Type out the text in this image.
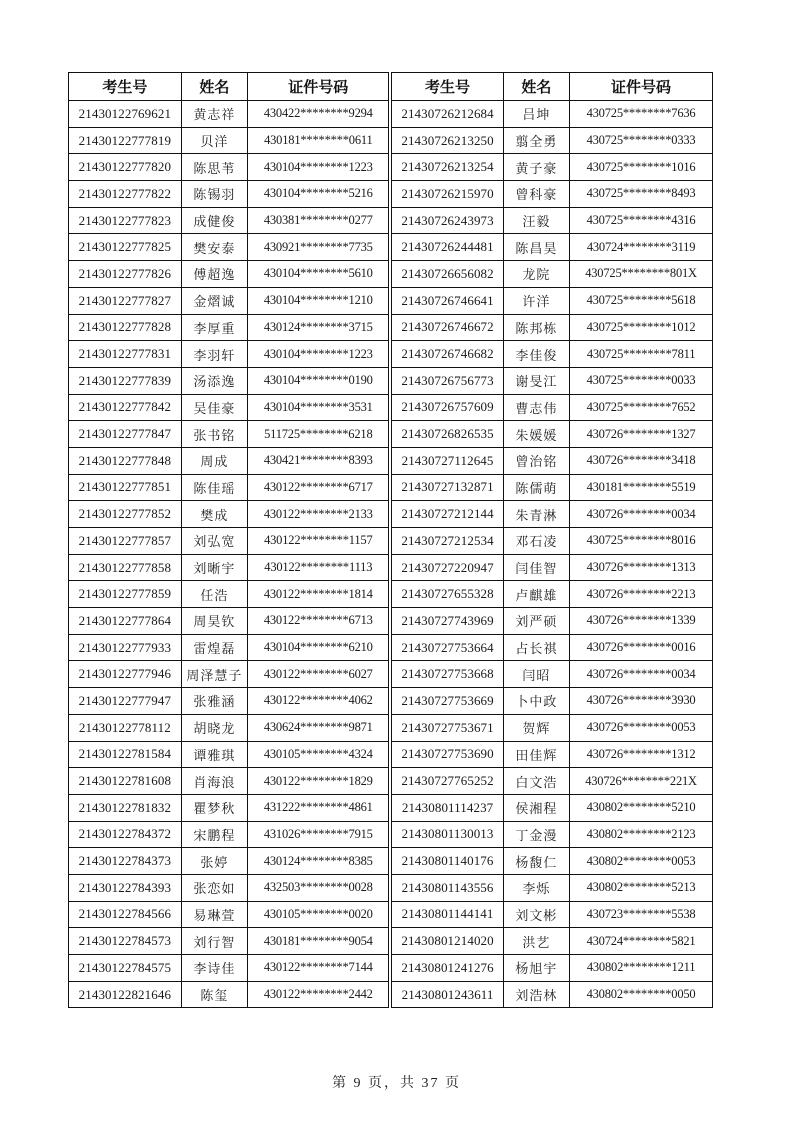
考生号	姓名	证件号码	考生号	姓名	证件号码
21430122769621	黄志祥	430422********9294	21430726212684	吕坤	430725********7636
21430122777819	贝洋	430181********0611	21430726213250	翦全勇	430725********0333
21430122777820	陈思苇	430104********1223	21430726213254	黄子豪	430725********1016
21430122777822	陈锡羽	430104********5216	21430726215970	曾科豪	430725********8493
21430122777823	成健俊	430381********0277	21430726243973	汪毅	430725********4316
21430122777825	樊安泰	430921********7735	21430726244481	陈昌昊	430724********3119
21430122777826	傅超逸	430104********5610	21430726656082	龙院	430725********801X
21430122777827	金熠诚	430104********1210	21430726746641	许洋	430725********5618
21430122777828	李厚重	430124********3715	21430726746672	陈邦栋	430725********1012
21430122777831	李羽轩	430104********1223	21430726746682	李佳俊	430725********7811
21430122777839	汤添逸	430104********0190	21430726756773	谢旻江	430725********0033
21430122777842	吴佳豪	430104********3531	21430726757609	曹志伟	430725********7652
21430122777847	张书铭	511725********6218	21430726826535	朱媛媛	430726********1327
21430122777848	周成	430421********8393	21430727112645	曾治铭	430726********3418
21430122777851	陈佳瑶	430122********6717	21430727132871	陈儒萌	430181********5519
21430122777852	樊成	430122********2133	21430727212144	朱青淋	430726********0034
21430122777857	刘弘宽	430122********1157	21430727212534	邓石凌	430725********8016
21430122777858	刘晰宇	430122********1113	21430727220947	闫佳智	430726********1313
21430122777859	任浩	430122********1814	21430727655328	卢麒雄	430726********2213
21430122777864	周昊钦	430122********6713	21430727743969	刘严硕	430726********1339
21430122777933	雷煌磊	430104********6210	21430727753664	占长祺	430726********0016
21430122777946	周泽慧子	430122********6027	21430727753668	闫昭	430726********0034
21430122777947	张雅涵	430122********4062	21430727753669	卜中政	430726********3930
21430122778112	胡晓龙	430624********9871	21430727753671	贺辉	430726********0053
21430122781584	谭雅琪	430105********4324	21430727753690	田佳辉	430726********1312
21430122781608	肖海浪	430122********1829	21430727765252	白文浩	430726********221X
21430122781832	瞿梦秋	431222********4861	21430801114237	侯湘程	430802********5210
21430122784372	宋鹏程	431026********7915	21430801130013	丁金漫	430802********2123
21430122784373	张婷	430124********8385	21430801140176	杨馥仁	430802********0053
21430122784393	张恋如	432503********0028	21430801143556	李烁	430802********5213
21430122784566	易琳萱	430105********0020	21430801144141	刘文彬	430723********5538
21430122784573	刘行智	430181********9054	21430801214020	洪艺	430724********5821
21430122784575	李诗佳	430122********7144	21430801241276	杨旭宇	430802********1211
21430122821646	陈玺	430122********2442	21430801243611	刘浩林	430802********0050
第 9 页，共 37 页
